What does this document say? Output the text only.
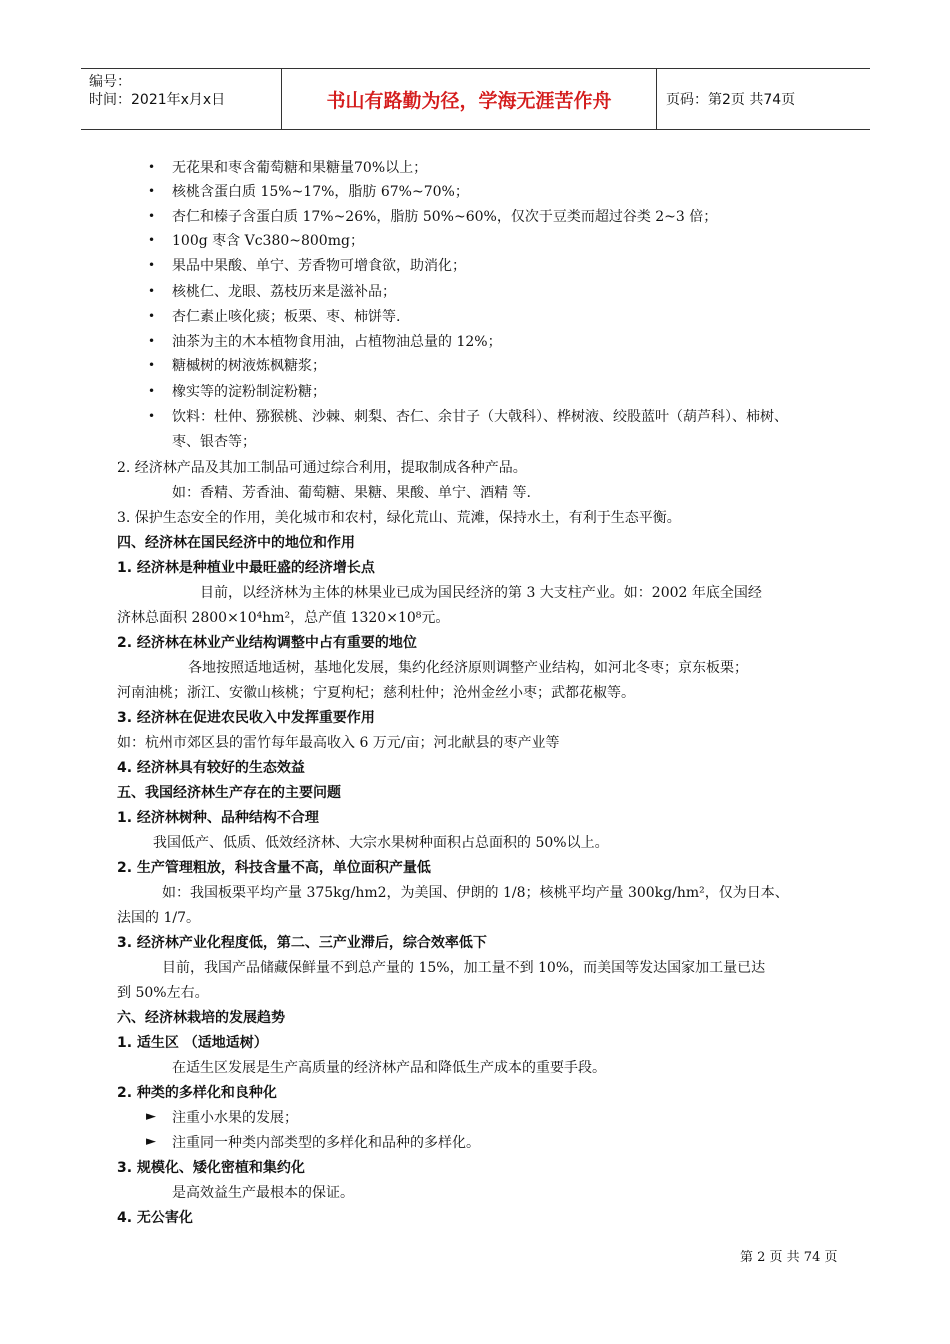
编号：
时间：2021年x月x日	书山有路勤为径，学海无涯苦作舟	页码：第2页 共74页
• 无花果和枣含葡萄糖和果糖量70%以上；
• 核桃含蛋白质 15%~17%，脂肪 67%~70%；
• 杏仁和榛子含蛋白质 17%~26%，脂肪 50%~60%，仅次于豆类而超过谷类 2~3 倍；
• 100g 枣含 Vc380~800mg；
• 果品中果酸、单宁、芳香物可增食欲，助消化；
• 核桃仁、龙眼、荔枝历来是滋补品；
• 杏仁素止咳化痰；板栗、枣、柿饼等.
• 油茶为主的木本植物食用油，占植物油总量的 12%；
• 糖槭树的树液炼枫糖浆；
• 橡实等的淀粉制淀粉糖；
• 饮料：杜仲、猕猴桃、沙棘、刺梨、杏仁、余甘子（大戟科）、桦树液、绞股蓝叶（葫芦科）、柿树、
枣、银杏等；
2. 经济林产品及其加工制品可通过综合利用，提取制成各种产品。
如：香精、芳香油、葡萄糖、果糖、果酸、单宁、酒精 等.
3. 保护生态安全的作用，美化城市和农村，绿化荒山、荒滩，保持水土，有利于生态平衡。
四、经济林在国民经济中的地位和作用
1. 经济林是种植业中最旺盛的经济增长点
目前，以经济林为主体的林果业已成为国民经济的第 3 大支柱产业。如：2002 年底全国经
济林总面积 2800×10⁴hm²，总产值 1320×10⁸元。
2. 经济林在林业产业结构调整中占有重要的地位
各地按照适地适树，基地化发展，集约化经济原则调整产业结构，如河北冬枣；京东板栗；
河南油桃；浙江、安徽山核桃；宁夏枸杞；慈利杜仲；沧州金丝小枣；武都花椒等。
3. 经济林在促进农民收入中发挥重要作用
如：杭州市郊区县的雷竹每年最高收入 6 万元/亩；河北献县的枣产业等
4. 经济林具有较好的生态效益
五、我国经济林生产存在的主要问题
1. 经济林树种、品种结构不合理
我国低产、低质、低效经济林、大宗水果树种面积占总面积的 50%以上。
2. 生产管理粗放，科技含量不高，单位面积产量低
如：我国板栗平均产量 375kg/hm2，为美国、伊朗的 1/8；核桃平均产量 300kg/hm²，仅为日本、
法国的 1/7。
3. 经济林产业化程度低，第二、三产业滞后，综合效率低下
目前，我国产品储藏保鲜量不到总产量的 15%，加工量不到 10%，而美国等发达国家加工量已达
到 50%左右。
六、经济林栽培的发展趋势
1. 适生区 （适地适树）
在适生区发展是生产高质量的经济林产品和降低生产成本的重要手段。
2. 种类的多样化和良种化
► 注重小水果的发展；
► 注重同一种类内部类型的多样化和品种的多样化。
3. 规模化、矮化密植和集约化
是高效益生产最根本的保证。
4. 无公害化
第 2 页 共 74 页
